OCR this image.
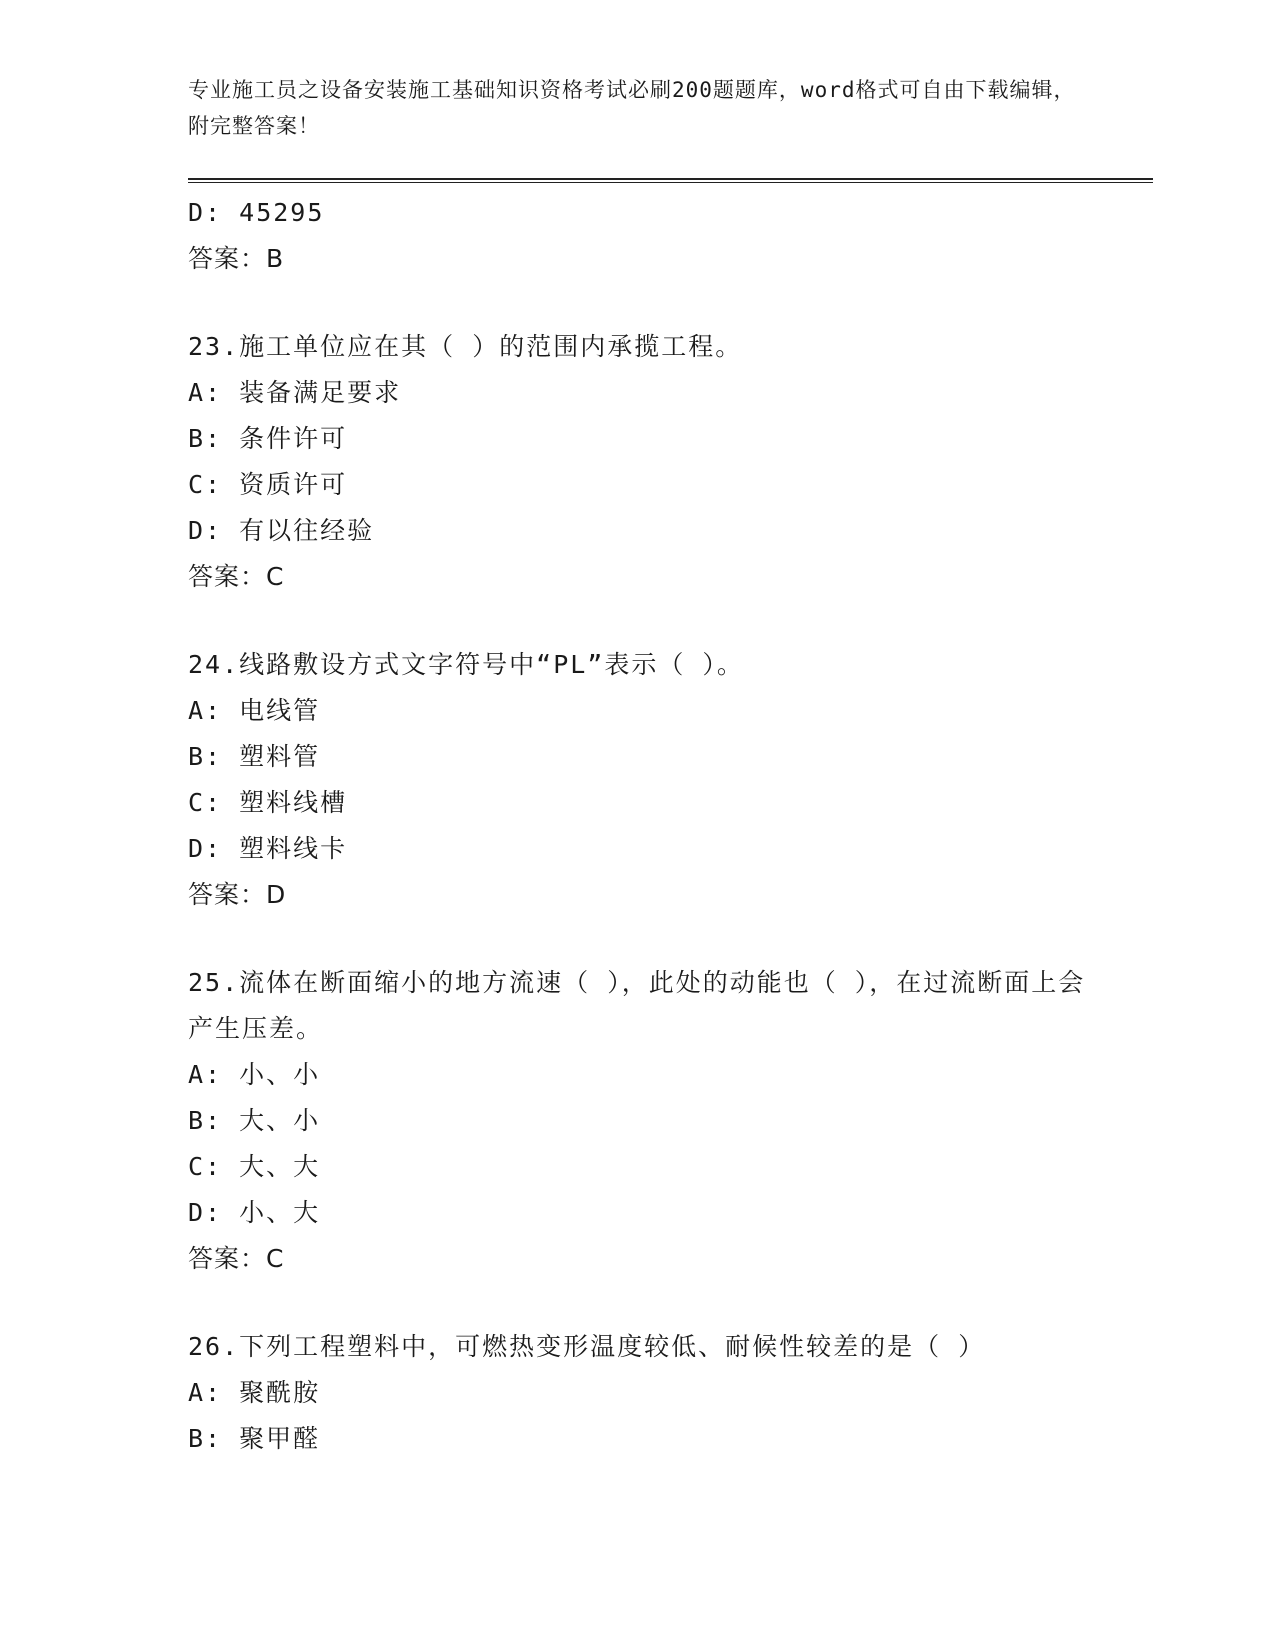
专业施工员之设备安装施工基础知识资格考试必刷200题题库，word格式可自由下载编辑，附完整答案！
D: 45295
答案：B
23.施工单位应在其（ ）的范围内承揽工程。
A: 装备满足要求
B: 条件许可
C: 资质许可
D: 有以往经验
答案：C
24.线路敷设方式文字符号中“PL”表示（ ）。
A: 电线管
B: 塑料管
C: 塑料线槽
D: 塑料线卡
答案：D
25.流体在断面缩小的地方流速（ ），此处的动能也（ ），在过流断面上会产生压差。
A: 小、小
B: 大、小
C: 大、大
D: 小、大
答案：C
26.下列工程塑料中，可燃热变形温度较低、耐候性较差的是（ ）
A: 聚酰胺
B: 聚甲醛
